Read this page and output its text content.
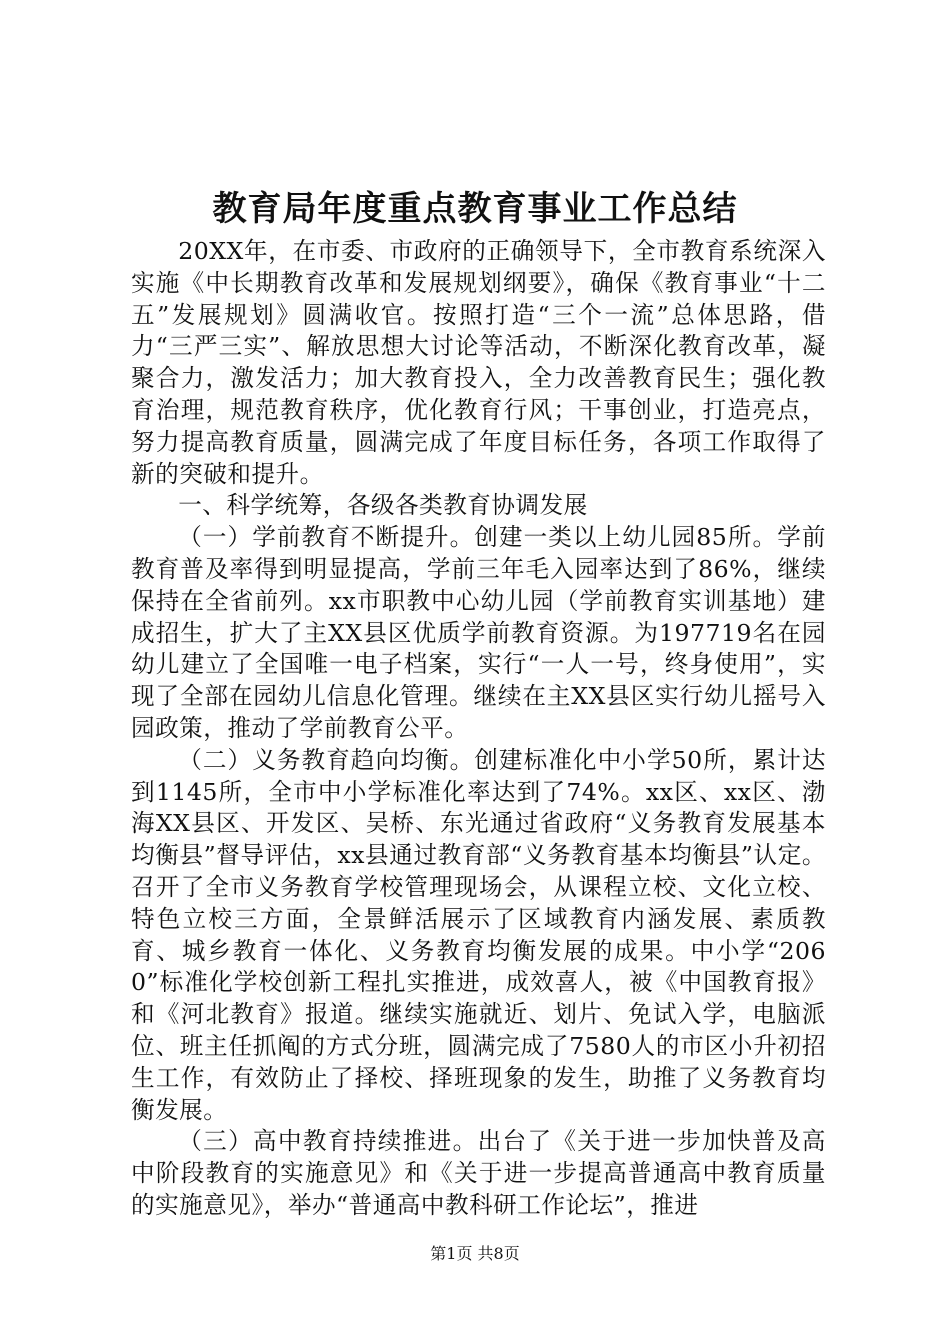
教育局年度重点教育事业工作总结

20XX年，在市委、市政府的正确领导下，全市教育系统深入实施《中长期教育改革和发展规划纲要》，确保《教育事业“十二五”发展规划》圆满收官。按照打造“三个一流”总体思路，借力“三严三实”、解放思想大讨论等活动，不断深化教育改革，凝聚合力，激发活力；加大教育投入，全力改善教育民生；强化教育治理，规范教育秩序，优化教育行风；干事创业，打造亮点，努力提高教育质量，圆满完成了年度目标任务，各项工作取得了新的突破和提升。

一、科学统筹，各级各类教育协调发展

（一）学前教育不断提升。创建一类以上幼儿园85所。学前教育普及率得到明显提高，学前三年毛入园率达到了86%，继续保持在全省前列。xx市职教中心幼儿园（学前教育实训基地）建成招生，扩大了主XX县区优质学前教育资源。为197719名在园幼儿建立了全国唯一电子档案，实行“一人一号，终身使用”，实现了全部在园幼儿信息化管理。继续在主XX县区实行幼儿摇号入园政策，推动了学前教育公平。

（二）义务教育趋向均衡。创建标准化中小学50所，累计达到1145所，全市中小学标准化率达到了74%。xx区、xx区、渤海XX县区、开发区、吴桥、东光通过省政府“义务教育发展基本均衡县”督导评估，xx县通过教育部“义务教育基本均衡县”认定。召开了全市义务教育学校管理现场会，从课程立校、文化立校、特色立校三方面，全景鲜活展示了区域教育内涵发展、素质教育、城乡教育一体化、义务教育均衡发展的成果。中小学“2060”标准化学校创新工程扎实推进，成效喜人，被《中国教育报》和《河北教育》报道。继续实施就近、划片、免试入学，电脑派位、班主任抓阄的方式分班，圆满完成了7580人的市区小升初招生工作，有效防止了择校、择班现象的发生，助推了义务教育均衡发展。

（三）高中教育持续推进。出台了《关于进一步加快普及高中阶段教育的实施意见》和《关于进一步提高普通高中教育质量的实施意见》，举办“普通高中教科研工作论坛”，推进

第1页 共8页
